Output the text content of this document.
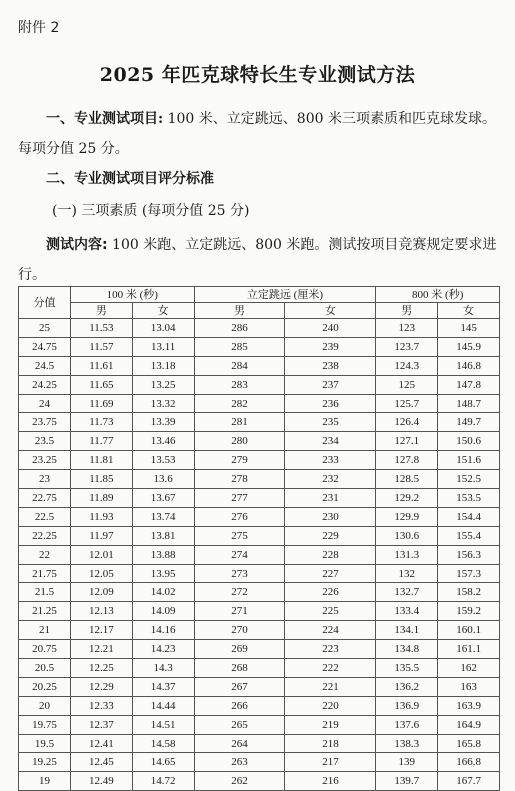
附件 2
2025 年匹克球特长生专业测试方法
一、专业测试项目: 100 米、立定跳远、800 米三项素质和匹克球发球。每项分值 25 分。
二、专业测试项目评分标准
(一) 三项素质 (每项分值 25 分)
测试内容: 100 米跑、立定跳远、800 米跑。测试按项目竞赛规定要求进行。
分值	100 米 (秒)		立定跳远 (厘米)		800 米 (秒)	
	男	女	男	女	男	女
25	11.53	13.04	286	240	123	145
24.75	11.57	13.11	285	239	123.7	145.9
24.5	11.61	13.18	284	238	124.3	146.8
24.25	11.65	13.25	283	237	125	147.8
24	11.69	13.32	282	236	125.7	148.7
23.75	11.73	13.39	281	235	126.4	149.7
23.5	11.77	13.46	280	234	127.1	150.6
23.25	11.81	13.53	279	233	127.8	151.6
23	11.85	13.6	278	232	128.5	152.5
22.75	11.89	13.67	277	231	129.2	153.5
22.5	11.93	13.74	276	230	129.9	154.4
22.25	11.97	13.81	275	229	130.6	155.4
22	12.01	13.88	274	228	131.3	156.3
21.75	12.05	13.95	273	227	132	157.3
21.5	12.09	14.02	272	226	132.7	158.2
21.25	12.13	14.09	271	225	133.4	159.2
21	12.17	14.16	270	224	134.1	160.1
20.75	12.21	14.23	269	223	134.8	161.1
20.5	12.25	14.3	268	222	135.5	162
20.25	12.29	14.37	267	221	136.2	163
20	12.33	14.44	266	220	136.9	163.9
19.75	12.37	14.51	265	219	137.6	164.9
19.5	12.41	14.58	264	218	138.3	165.8
19.25	12.45	14.65	263	217	139	166.8
19	12.49	14.72	262	216	139.7	167.7
